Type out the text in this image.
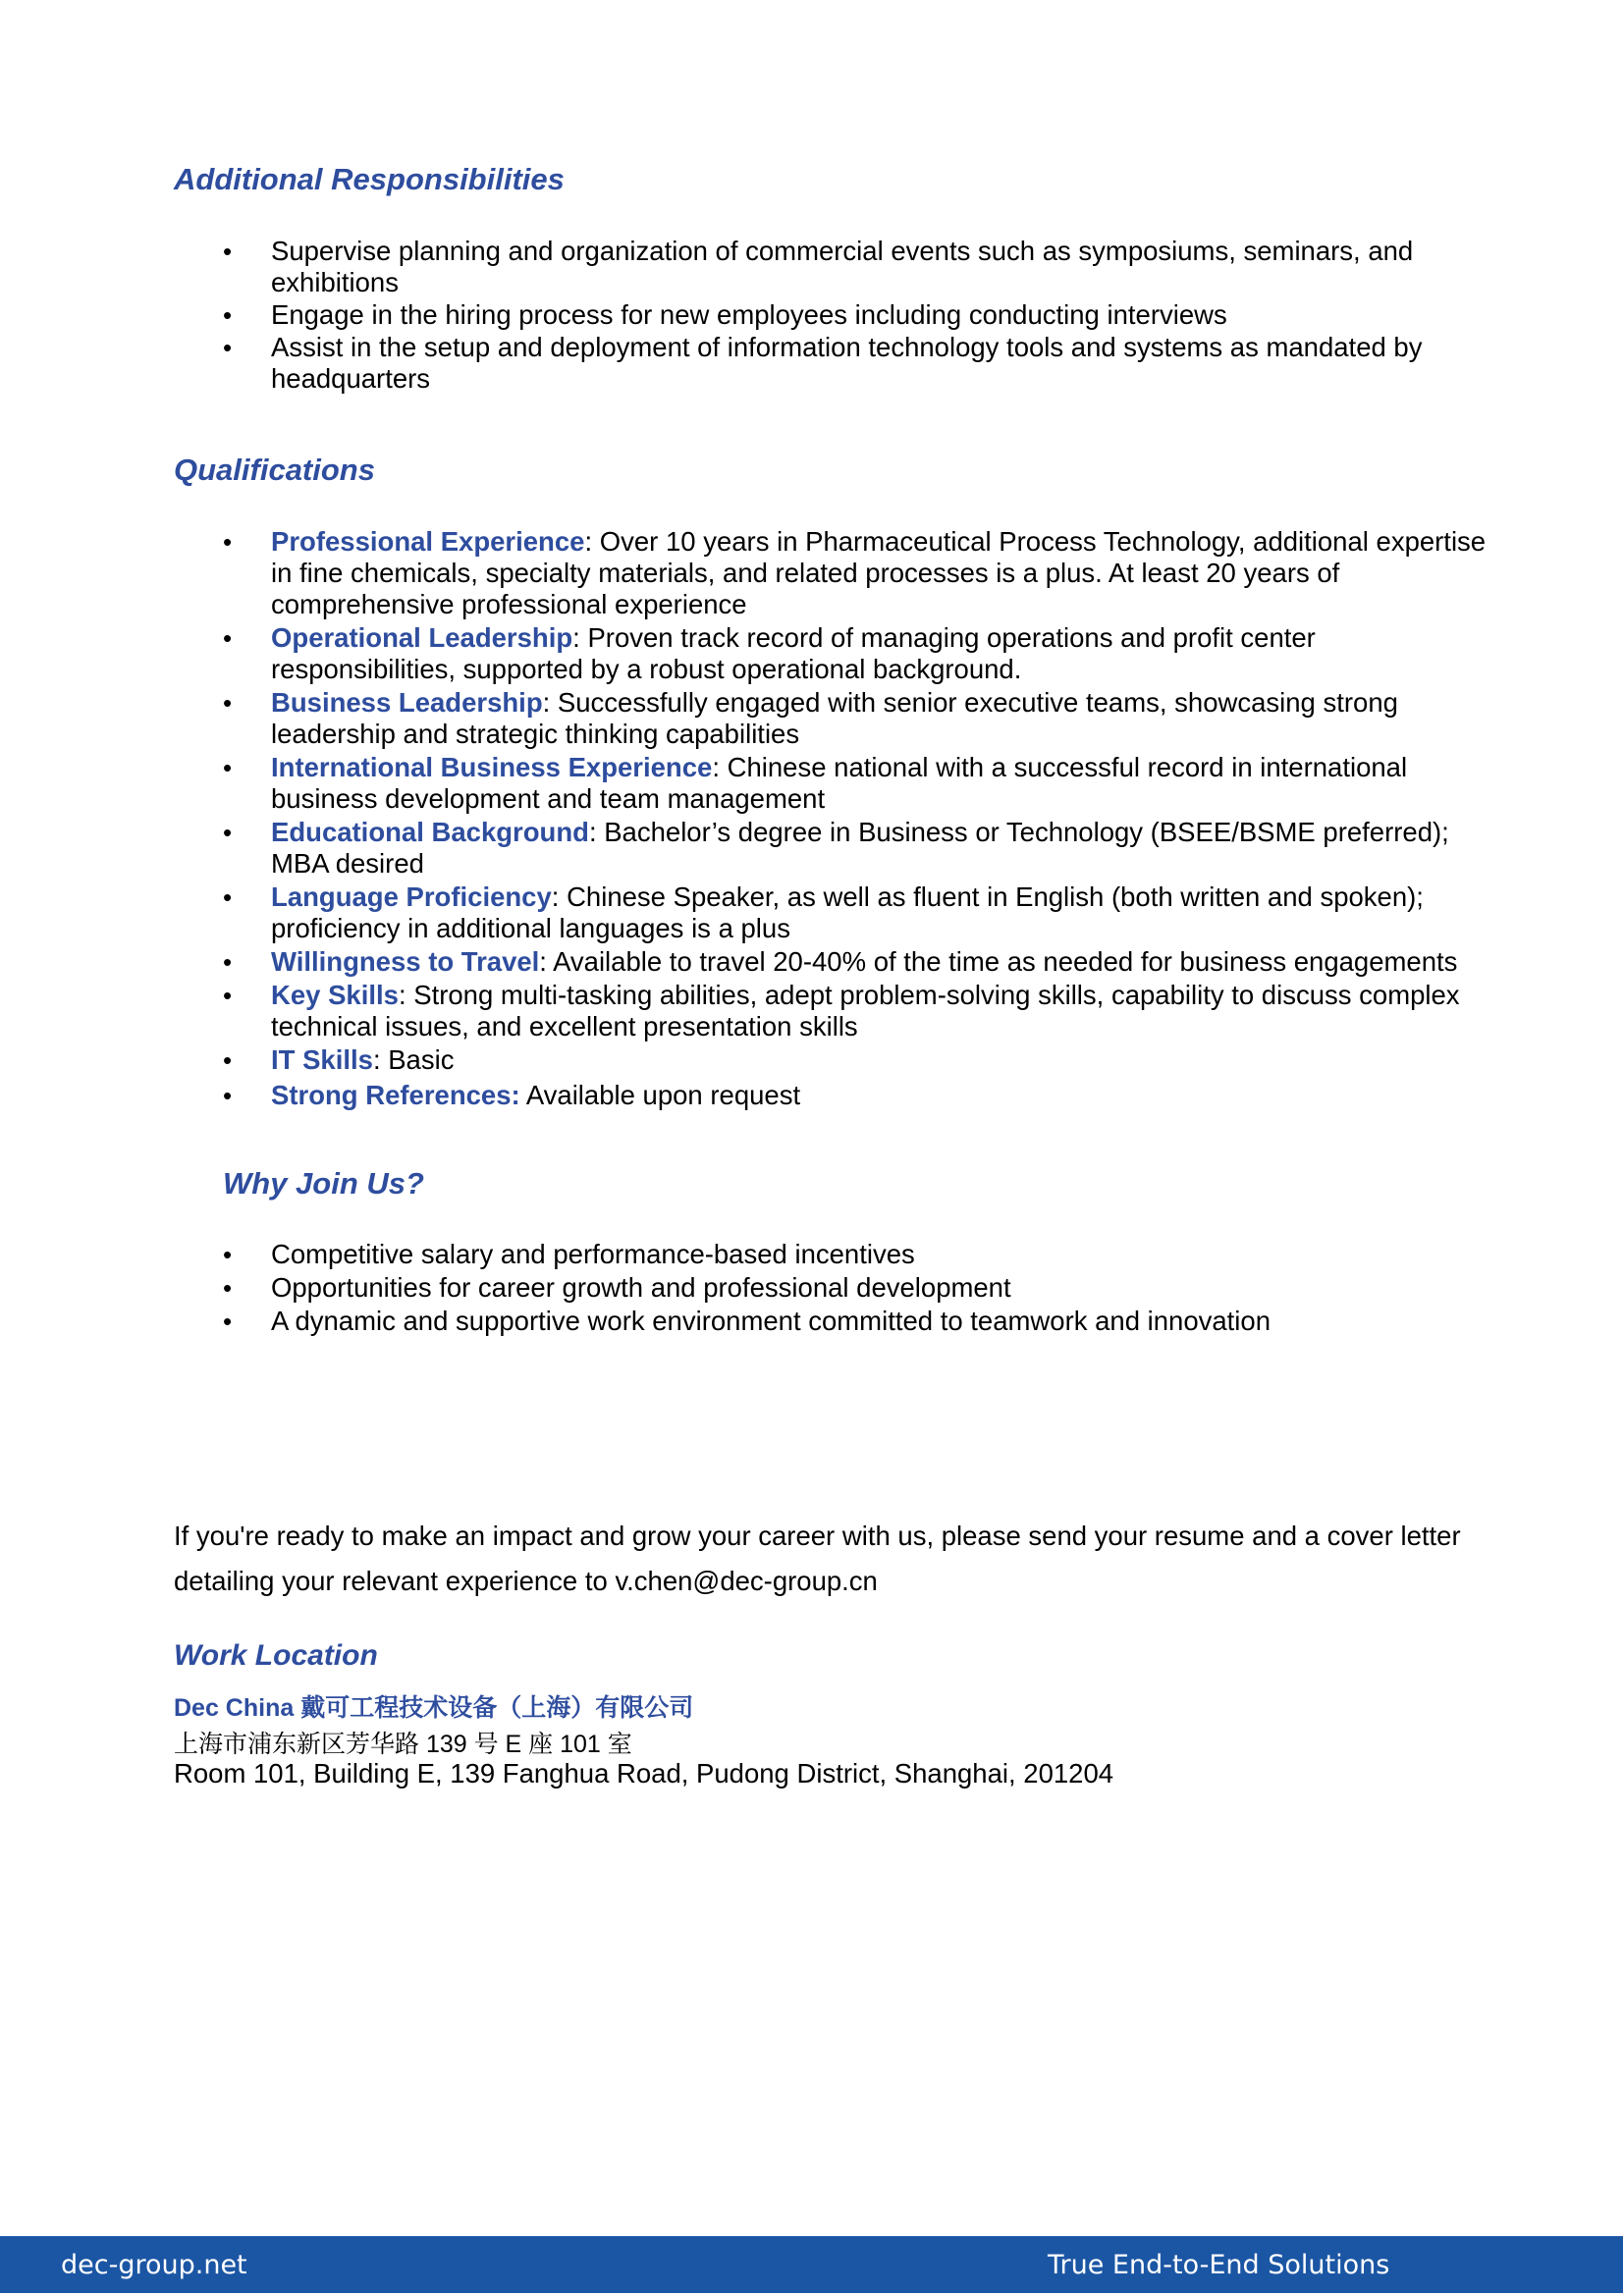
Additional Responsibilities
• Supervise planning and organization of commercial events such as symposiums, seminars, and exhibitions
• Engage in the hiring process for new employees including conducting interviews
• Assist in the setup and deployment of information technology tools and systems as mandated by headquarters
Qualifications
• Professional Experience: Over 10 years in Pharmaceutical Process Technology, additional expertise in fine chemicals, specialty materials, and related processes is a plus. At least 20 years of comprehensive professional experience
• Operational Leadership: Proven track record of managing operations and profit center responsibilities, supported by a robust operational background.
• Business Leadership: Successfully engaged with senior executive teams, showcasing strong leadership and strategic thinking capabilities
• International Business Experience: Chinese national with a successful record in international business development and team management
• Educational Background: Bachelor’s degree in Business or Technology (BSEE/BSME preferred); MBA desired
• Language Proficiency: Chinese Speaker, as well as fluent in English (both written and spoken); proficiency in additional languages is a plus
• Willingness to Travel: Available to travel 20-40% of the time as needed for business engagements
• Key Skills: Strong multi-tasking abilities, adept problem-solving skills, capability to discuss complex technical issues, and excellent presentation skills
• IT Skills: Basic
• Strong References: Available upon request
Why Join Us?
• Competitive salary and performance-based incentives
• Opportunities for career growth and professional development
• A dynamic and supportive work environment committed to teamwork and innovation

If you're ready to make an impact and grow your career with us, please send your resume and a cover letter detailing your relevant experience to v.chen@dec-group.cn

Work Location

Dec China 戴可工程技术设备（上海）有限公司

上海市浦东新区芳华路 139 号 E 座 101 室

Room 101, Building E, 139 Fanghua Road, Pudong District, Shanghai, 201204

dec-group.net	True End-to-End Solutions
